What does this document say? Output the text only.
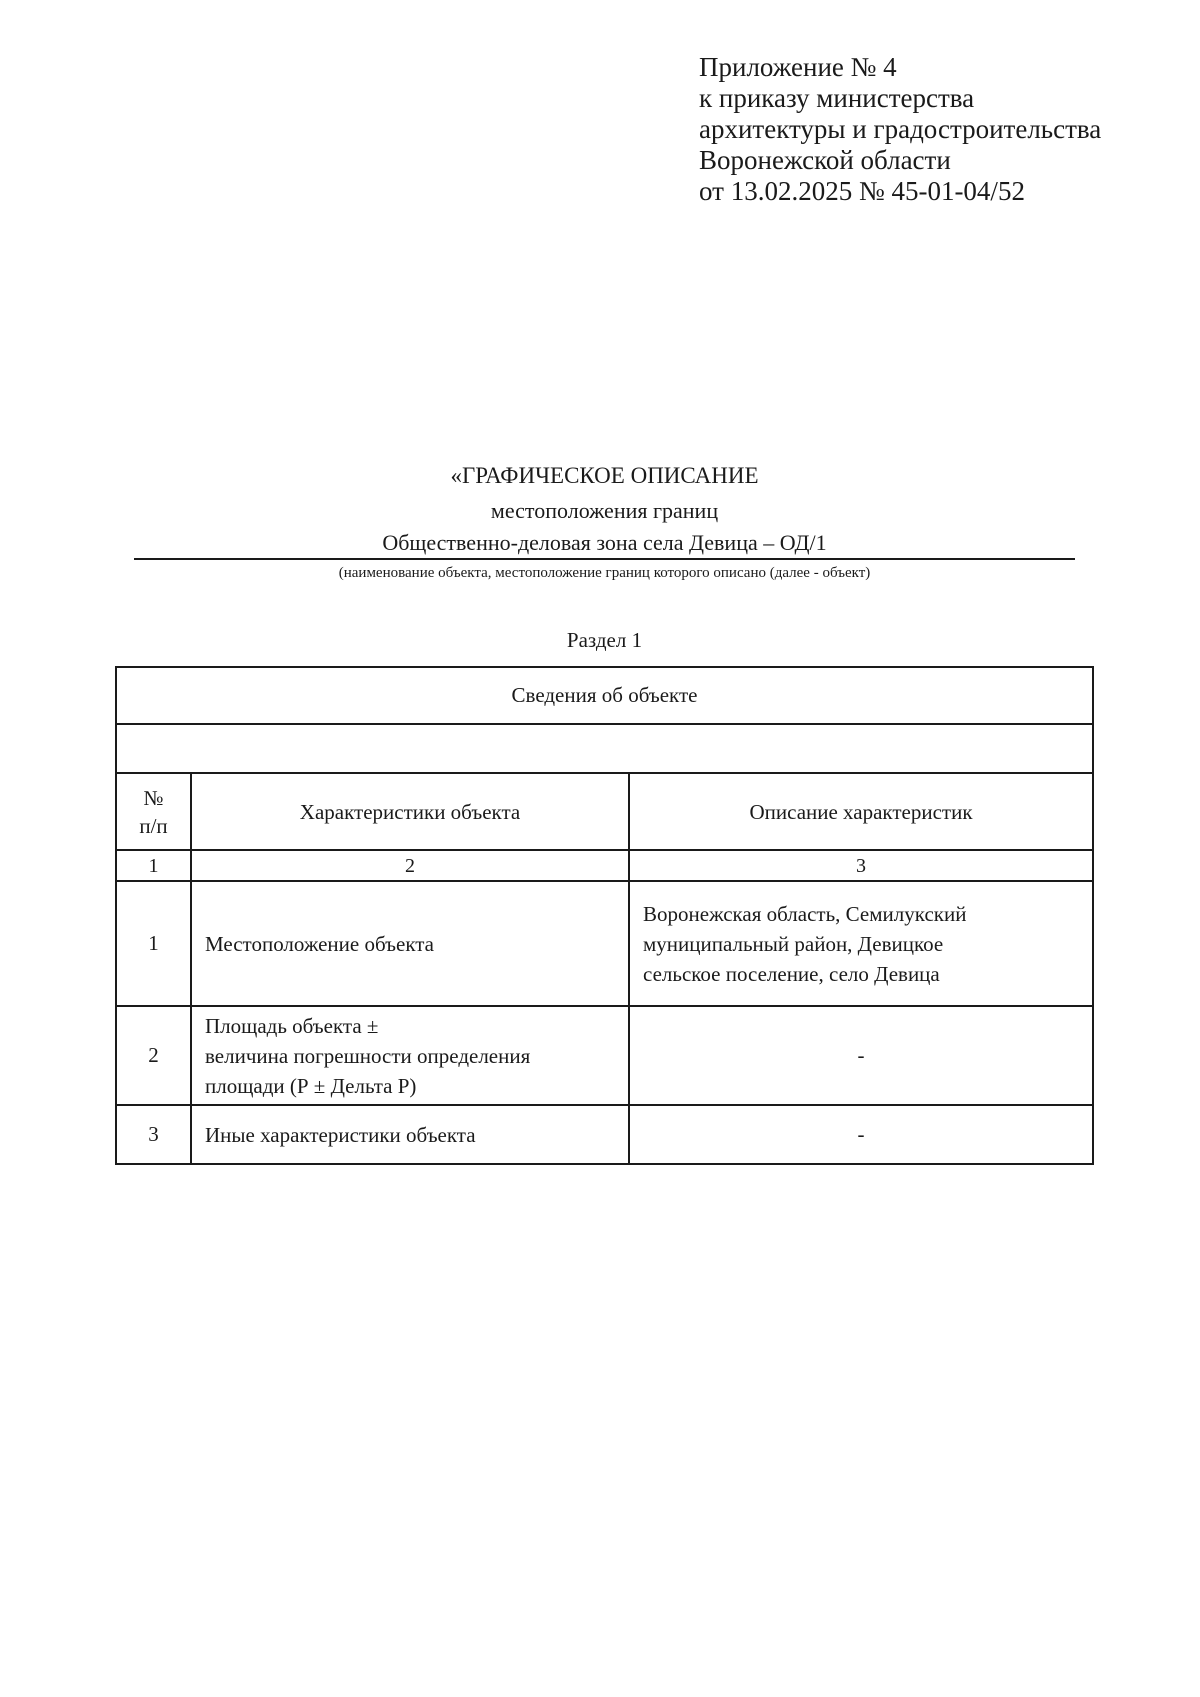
Приложение № 4
к приказу министерства
архитектуры и градостроительства
Воронежской области
от 13.02.2025 № 45-01-04/52
«ГРАФИЧЕСКОЕ ОПИСАНИЕ
местоположения границ
Общественно-деловая зона села Девица – ОД/1
(наименование объекта, местоположение границ которого описано (далее - объект)
Раздел 1
Сведения об объекте		

№
п/п	Характеристики объекта	Описание характеристик
1	2	3
1	Местоположение объекта	Воронежская область, Семилукский
муниципальный район, Девицкое
сельское поселение, село Девица

2	Площадь объекта ±
величина погрешности определения
площади (Р ± Дельта Р)	-
3	Иные характеристики объекта	-
